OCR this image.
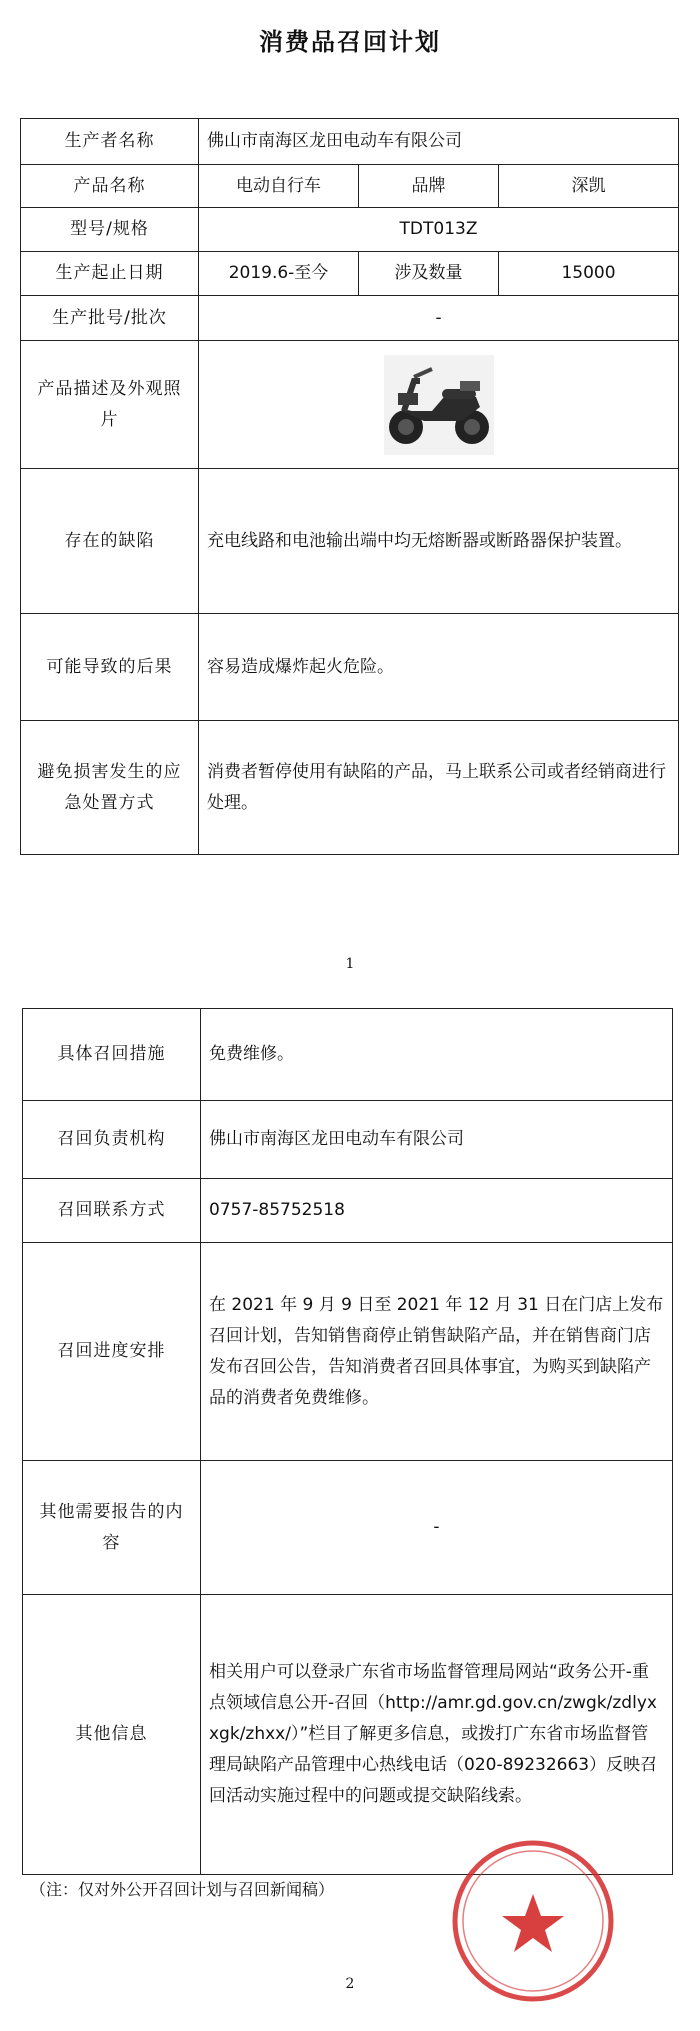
消费品召回计划
生产者名称	佛山市南海区龙田电动车有限公司		
产品名称	电动自行车	品牌	深凯
型号/规格	TDT013Z		
生产起止日期	2019.6-至今	涉及数量	15000
生产批号/批次	-		
产品描述及外观照片	

存在的缺陷	充电线路和电池输出端中均无熔断器或断路器保护装置。		
可能导致的后果	容易造成爆炸起火危险。		
避免损害发生的应急处置方式	消费者暂停使用有缺陷的产品，马上联系公司或者经销商进行处理。		
1
具体召回措施	免费维修。
召回负责机构	佛山市南海区龙田电动车有限公司
召回联系方式	0757-85752518
召回进度安排	在 2021 年 9 月 9 日至 2021 年 12 月 31 日在门店上发布召回计划，告知销售商停止销售缺陷产品，并在销售商门店发布召回公告，告知消费者召回具体事宜，为购买到缺陷产品的消费者免费维修。
其他需要报告的内容	-
其他信息	相关用户可以登录广东省市场监督管理局网站“政务公开-重点领域信息公开-召回（http://amr.gd.gov.cn/zwgk/zdlyxxgk/zhxx/）”栏目了解更多信息，或拨打广东省市场监督管理局缺陷产品管理中心热线电话（020-89232663）反映召回活动实施过程中的问题或提交缺陷线索。
（注：仅对外公开召回计划与召回新闻稿）
2
